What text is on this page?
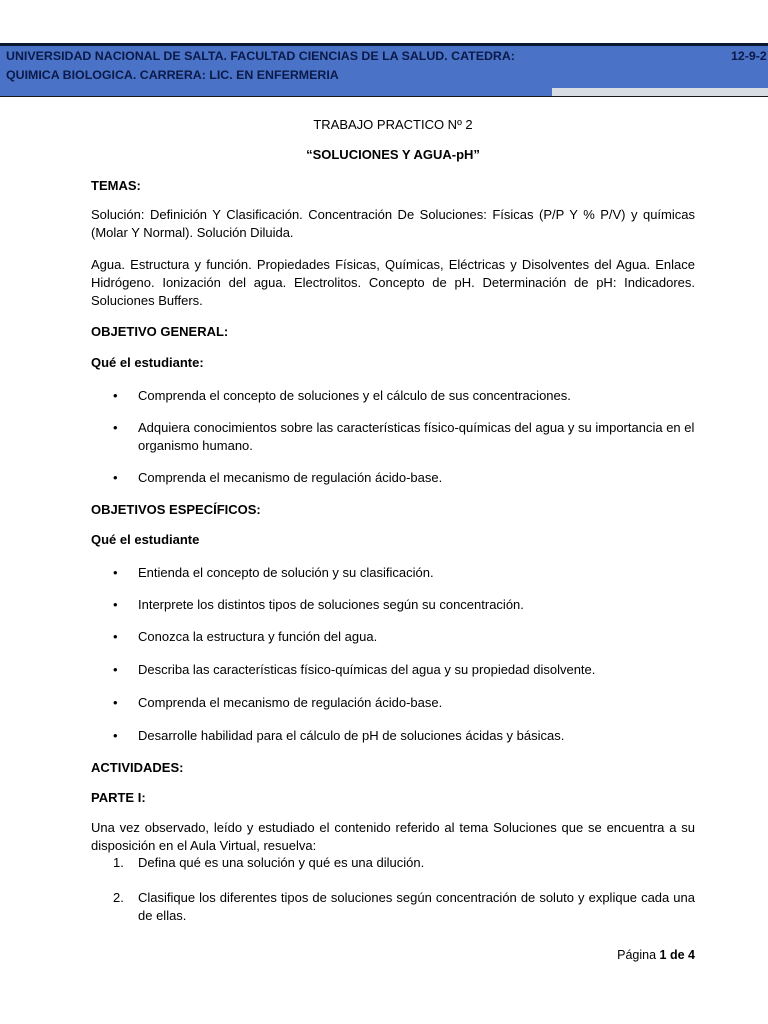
UNIVERSIDAD NACIONAL DE SALTA. FACULTAD CIENCIAS DE LA SALUD. CATEDRA:
QUIMICA BIOLOGICA. CARRERA: LIC. EN ENFERMERIA
12-9-2
TRABAJO PRACTICO Nº 2
“SOLUCIONES Y AGUA-pH”
TEMAS:
Solución: Definición Y Clasificación. Concentración De Soluciones: Físicas (P/P Y % P/V) y químicas (Molar Y Normal). Solución Diluida.
Agua. Estructura y función. Propiedades Físicas, Químicas, Eléctricas y Disolventes del Agua. Enlace Hidrógeno. Ionización del agua. Electrolitos. Concepto de pH. Determinación de pH: Indicadores. Soluciones Buffers.
OBJETIVO GENERAL:
Qué el estudiante:
•	Comprenda el concepto de soluciones y el cálculo de sus concentraciones.
•	Adquiera conocimientos sobre las características físico-químicas del agua y su importancia en el organismo humano.
•	Comprenda el mecanismo de regulación ácido-base.
OBJETIVOS ESPECÍFICOS:
Qué el estudiante
•	Entienda el concepto de solución y su clasificación.
•	Interprete los distintos tipos de soluciones según su concentración.
•	Conozca la estructura y función del agua.
•	Describa las características físico-químicas del agua y su propiedad disolvente.
•	Comprenda el mecanismo de regulación ácido-base.
•	Desarrolle habilidad para el cálculo de pH de soluciones ácidas y básicas.
ACTIVIDADES:
PARTE I:
Una vez observado, leído y estudiado el contenido referido al tema Soluciones que se encuentra a su disposición en el Aula Virtual, resuelva:
1. Defina qué es una solución y qué es una dilución.
2. Clasifique los diferentes tipos de soluciones según concentración de soluto y explique cada una de ellas.
Página 1 de 4
